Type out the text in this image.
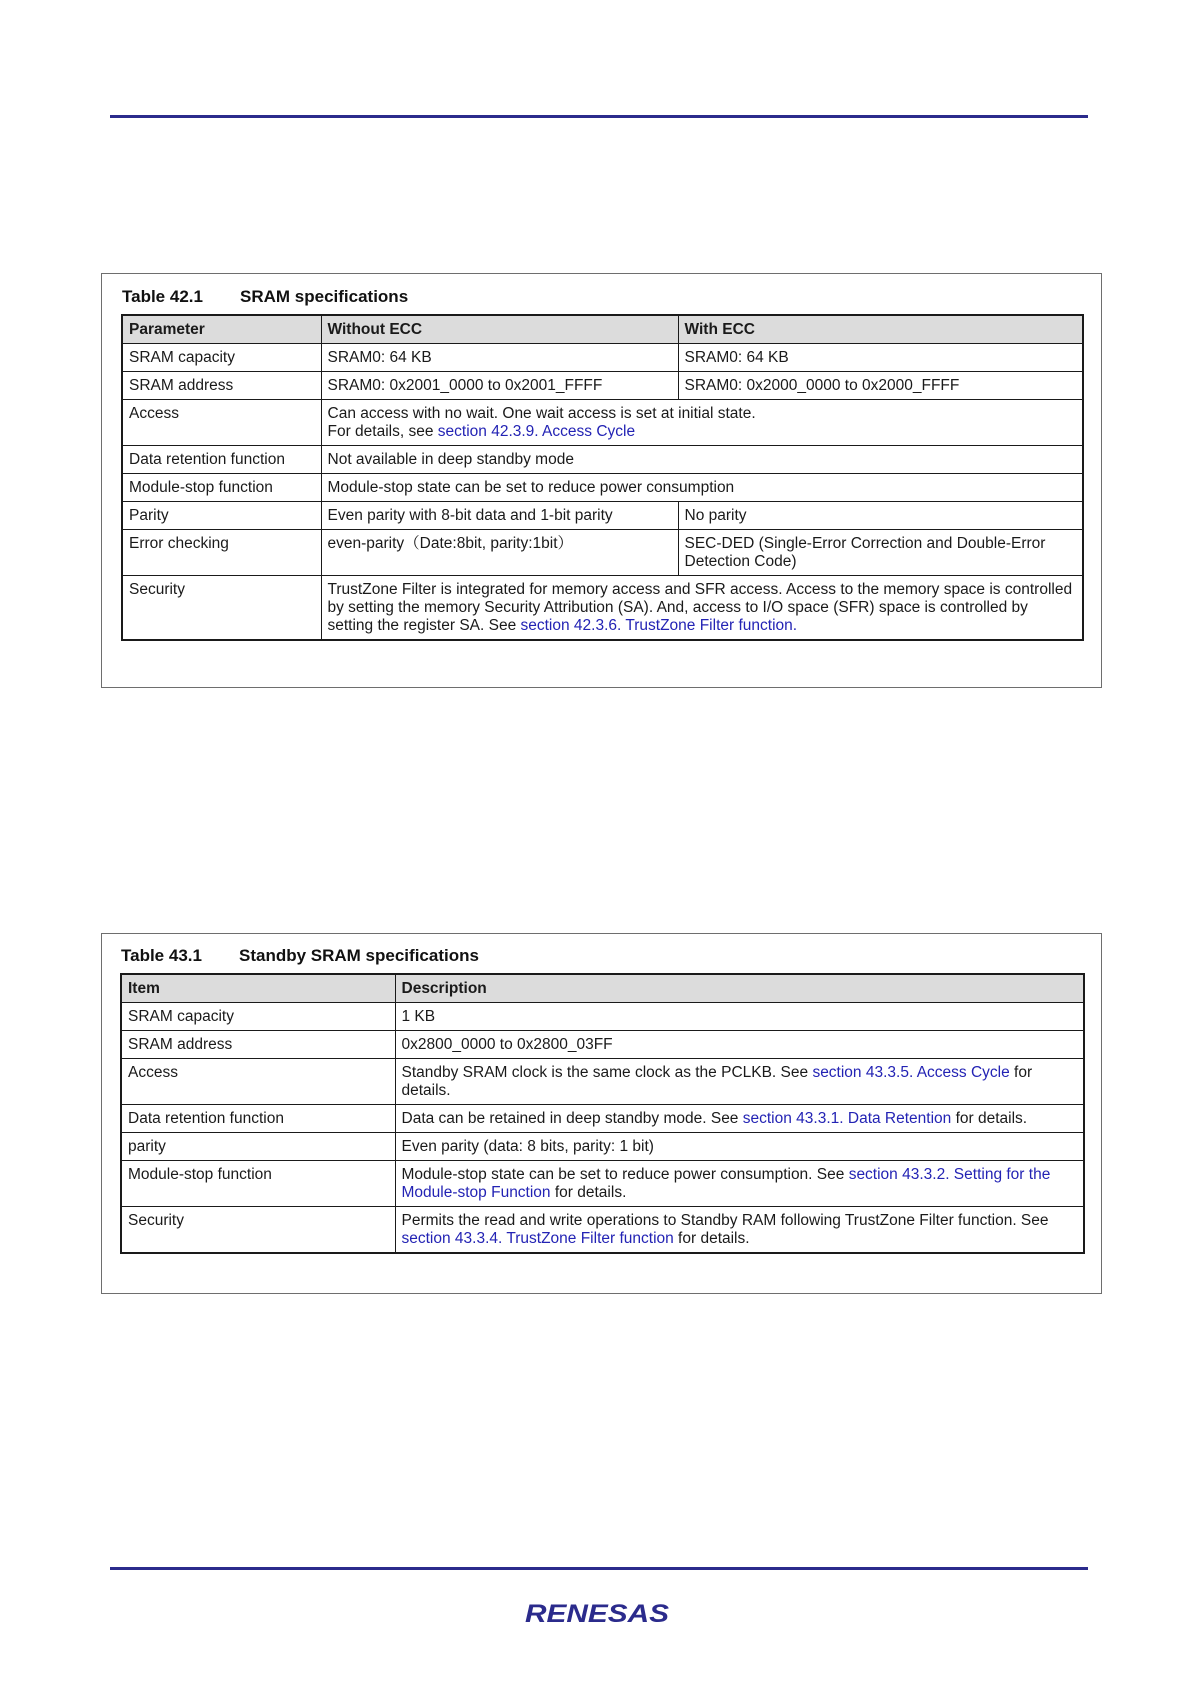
Table 42.1 SRAM specifications
Parameter	Without ECC	With ECC
SRAM capacity	SRAM0: 64 KB	SRAM0: 64 KB
SRAM address	SRAM0: 0x2001_0000 to 0x2001_FFFF	SRAM0: 0x2000_0000 to 0x2000_FFFF
Access	Can access with no wait. One wait access is set at initial state.
For details, see section 42.3.9. Access Cycle	
Data retention function	Not available in deep standby mode	
Module-stop function	Module-stop state can be set to reduce power consumption	
Parity	Even parity with 8-bit data and 1-bit parity	No parity
Error checking	even-parity（Date:8bit, parity:1bit）	SEC-DED (Single-Error Correction and Double-Error Detection Code)
Security	TrustZone Filter is integrated for memory access and SFR access. Access to the memory space is controlled by setting the memory Security Attribution (SA). And, access to I/O space (SFR) space is controlled by setting the register SA. See section 42.3.6. TrustZone Filter function.	
Table 43.1 Standby SRAM specifications
Item	Description
SRAM capacity	1 KB
SRAM address	0x2800_0000 to 0x2800_03FF
Access	Standby SRAM clock is the same clock as the PCLKB. See section 43.3.5. Access Cycle for details.
Data retention function	Data can be retained in deep standby mode. See section 43.3.1. Data Retention for details.
parity	Even parity (data: 8 bits, parity: 1 bit)
Module-stop function	Module-stop state can be set to reduce power consumption. See section 43.3.2. Setting for the Module-stop Function for details.
Security	Permits the read and write operations to Standby RAM following TrustZone Filter function. See section 43.3.4. TrustZone Filter function for details.
RENESAS
